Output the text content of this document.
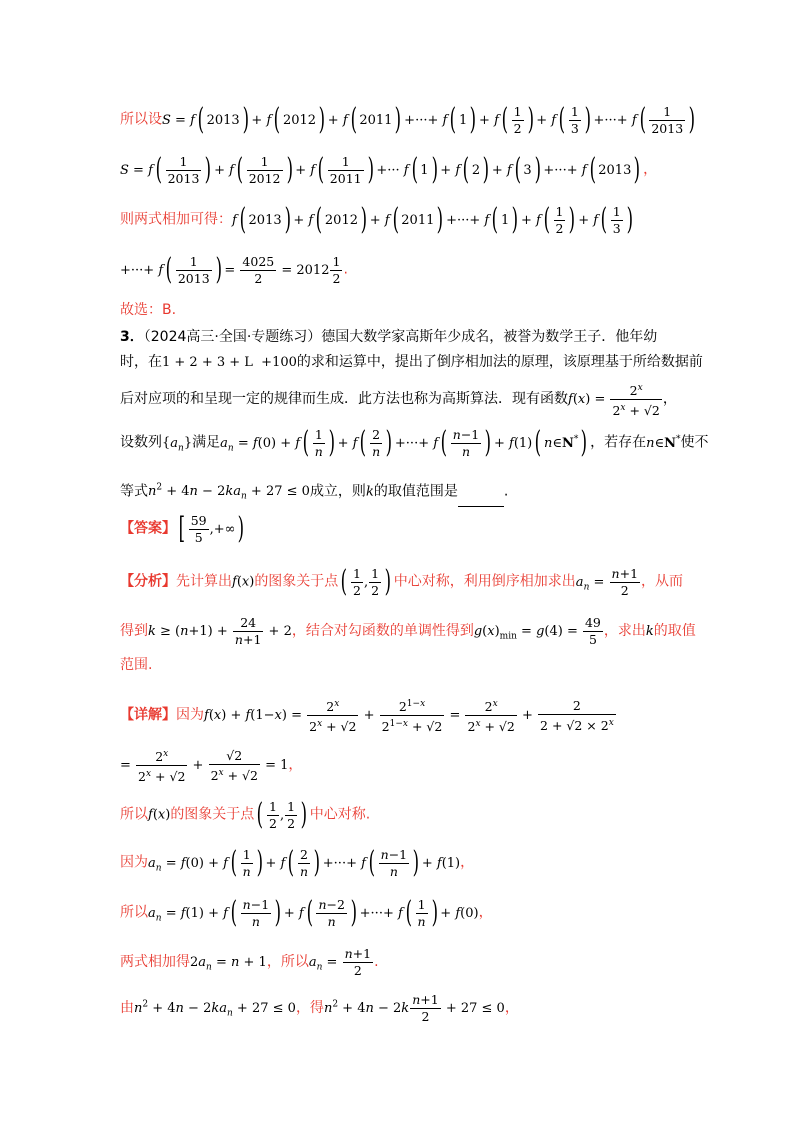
所以设S = f( 2013) + f( 2012) + f( 2011) +···+ f( $1) + f( \frac{1}{2}$ ) + $f( \frac{1}{3}$ ) +···+ $f( \frac{1}{2013}$ )
$S = f( \frac{1}{2013}$ ) + $f( \frac{1}{2012}$ ) + $f( \frac{1}{2011}$ ) +··· f( 1) + f( 2) + f( 3) +···+ f( 2013) ，
则两式相加可得：f( 2013) + f( 2012) + f( 2011) +···+ f( $1) + f( \frac{1}{2}$ ) + $f( \frac{1}{3}$ )
+···+ $f( \frac{1}{2013}$ ) = $\frac{4025}{2} = 2012 \frac{1}{2}$ .
故选：B.
3．（2024高三·全国·专题练习）德国大数学家高斯年少成名，被誉为数学王子．他年幼
时，在1 + 2 + 3 + L  +100的求和运算中，提出了倒序相加法的原理，该原理基于所给数据前
后对应项的和呈现一定的规律而生成．此方法也称为高斯算法．现有函数$f(x) = \frac{2^x}{2^x + √2}$ ，
设数列$\{a_n\}$满足$a_n = f(0) + f( \frac{1}{n}$ ) + $f( \frac{2}{n}$ ) +···+ $f( \frac{n-1}{n}$ ) + f(1)( n∈N*) ，若存在n∈N*使不
等式$n^2 + 4n - 2ka_n + 27 \le 0$成立，则k的取值范围是	.
【答案】[ $\frac{59}{5}$ ,+∞)
【分析】先计算出f(x)的图象关于点( $\frac{1}{2}$ , $\frac{1}{2}$ ) 中心对称，利用倒序相加求出$a_n = \frac{n+1}{2}$ ，从而
得到$k \ge (n+1) + \frac{24}{n+1} + 2$，结合对勾函数的单调性得到$g(x)_{min} = g(4) = \frac{49}{5}$ ，求出k的取值
范围.
【详解】因为$f(x) + f(1-x) = \frac{2^x}{2^x + √2} + \frac{2^{1-x}}{2^{1-x} + √2} = \frac{2^x}{2^x + √2} + \frac{2}{2 + √2 \times 2^x}$
= $\frac{2^x}{2^x + √2} + \frac{√2}{2^x + √2} = 1$，
所以f(x)的图象关于点( $\frac{1}{2}$ , $\frac{1}{2}$ ) 中心对称.
因为$a_n = f(0) + f( \frac{1}{n}$ ) + $f( \frac{2}{n}$ ) +···+ $f( \frac{n-1}{n}$ ) + f(1)，
所以$a_n = f(1) + f( \frac{n-1}{n}$ ) + $f( \frac{n-2}{n}$ ) +···+ $f( \frac{1}{n}$ ) + f(0)，
两式相加得$2a_n = n + 1$，所以$a_n = \frac{n+1}{2}$ .
由$n^2 + 4n - 2ka_n + 27 \le 0$，得$n^2 + 4n - 2k \frac{n+1}{2} + 27 \le 0$，
